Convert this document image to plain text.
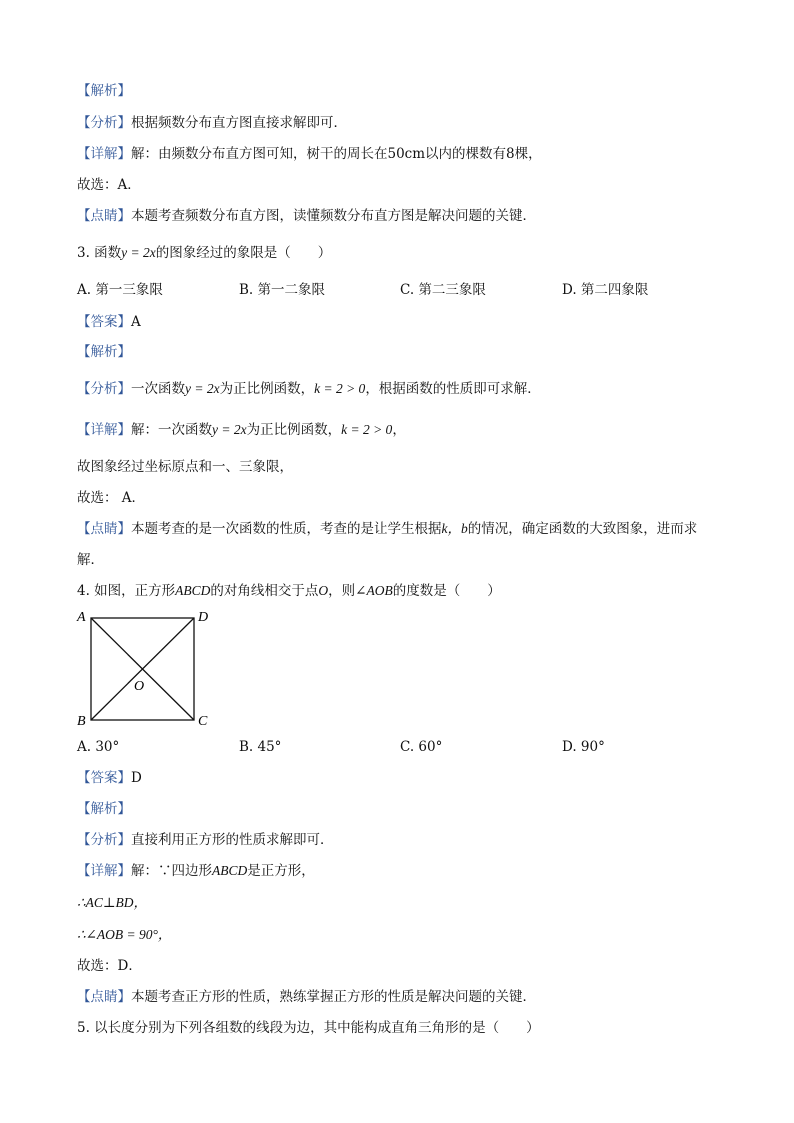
【解析】
【分析】根据频数分布直方图直接求解即可．
【详解】解：由频数分布直方图可知，树干的周长在50cm以内的棵数有8棵，
故选：A．
【点睛】本题考查频数分布直方图，读懂频数分布直方图是解决问题的关键．
3. 函数y = 2x的图象经过的象限是（　　）
A. 第一三象限	B. 第一二象限	C. 第二三象限	D. 第二四象限
【答案】A
【解析】
【分析】一次函数y = 2x为正比例函数，k = 2 > 0，根据函数的性质即可求解．
【详解】解：一次函数y = 2x为正比例函数，k = 2 > 0，
故图象经过坐标原点和一、三象限，
故选： A．
【点睛】本题考查的是一次函数的性质，考查的是让学生根据k，b的情况，确定函数的大致图象，进而求
解．
4. 如图，正方形ABCD的对角线相交于点O，则∠AOB的度数是（　　）
A	D
B	C
O
A. 30°	B. 45°	C. 60°	D. 90°
【答案】D
【解析】
【分析】直接利用正方形的性质求解即可．
【详解】解：∵四边形ABCD是正方形，
∴AC⊥BD，
∴∠AOB = 90°，
故选：D．
【点睛】本题考查正方形的性质，熟练掌握正方形的性质是解决问题的关键．
5. 以长度分别为下列各组数的线段为边，其中能构成直角三角形的是（　　）
